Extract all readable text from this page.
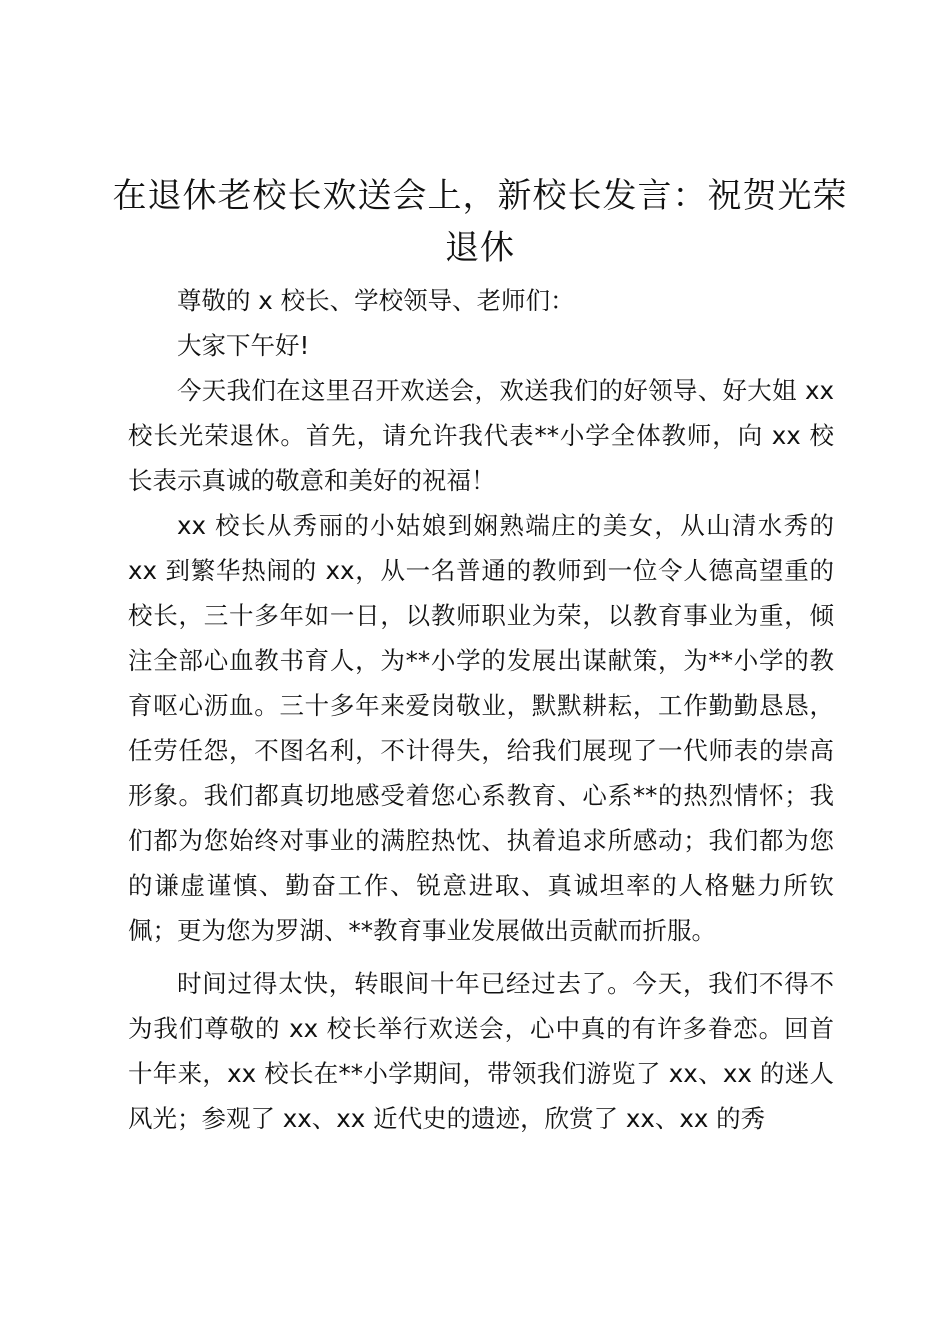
在退休老校长欢送会上，新校长发言：祝贺光荣退休

尊敬的 x 校长、学校领导、老师们：

大家下午好!

今天我们在这里召开欢送会，欢送我们的好领导、好大姐 xx 校长光荣退休。首先，请允许我代表**小学全体教师，向 xx 校长表示真诚的敬意和美好的祝福！

xx 校长从秀丽的小姑娘到娴熟端庄的美女，从山清水秀的 xx 到繁华热闹的 xx，从一名普通的教师到一位令人德高望重的校长，三十多年如一日，以教师职业为荣，以教育事业为重，倾注全部心血教书育人，为**小学的发展出谋献策，为**小学的教育呕心沥血。三十多年来爱岗敬业，默默耕耘，工作勤勤恳恳，任劳任怨，不图名利，不计得失，给我们展现了一代师表的崇高形象。我们都真切地感受着您心系教育、心系**的热烈情怀；我们都为您始终对事业的满腔热忱、执着追求所感动；我们都为您的谦虚谨慎、勤奋工作、锐意进取、真诚坦率的人格魅力所钦佩；更为您为罗湖、**教育事业发展做出贡献而折服。

时间过得太快，转眼间十年已经过去了。今天，我们不得不为我们尊敬的 xx 校长举行欢送会，心中真的有许多眷恋。回首十年来，xx 校长在**小学期间，带领我们游览了 xx、xx 的迷人风光；参观了 xx、xx 近代史的遗迹，欣赏了 xx、xx 的秀
